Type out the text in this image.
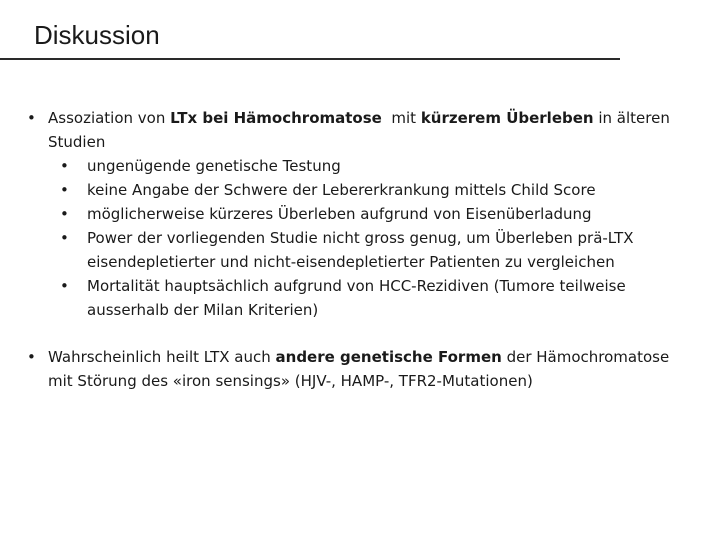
Diskussion

• Assoziation von LTx bei Hämochromatose  mit kürzerem Überleben in älteren Studien

• ungenügende genetische Testung

• keine Angabe der Schwere der Lebererkrankung mittels Child Score

• möglicherweise kürzeres Überleben aufgrund von Eisenüberladung

• Power der vorliegenden Studie nicht gross genug, um Überleben prä-LTX eisendepletierter und nicht-eisendepletierter Patienten zu vergleichen

• Mortalität hauptsächlich aufgrund von HCC-Rezidiven (Tumore teilweise ausserhalb der Milan Kriterien)

• Wahrscheinlich heilt LTX auch andere genetische Formen der Hämochromatose mit Störung des «iron sensings» (HJV-, HAMP-, TFR2-Mutationen)
